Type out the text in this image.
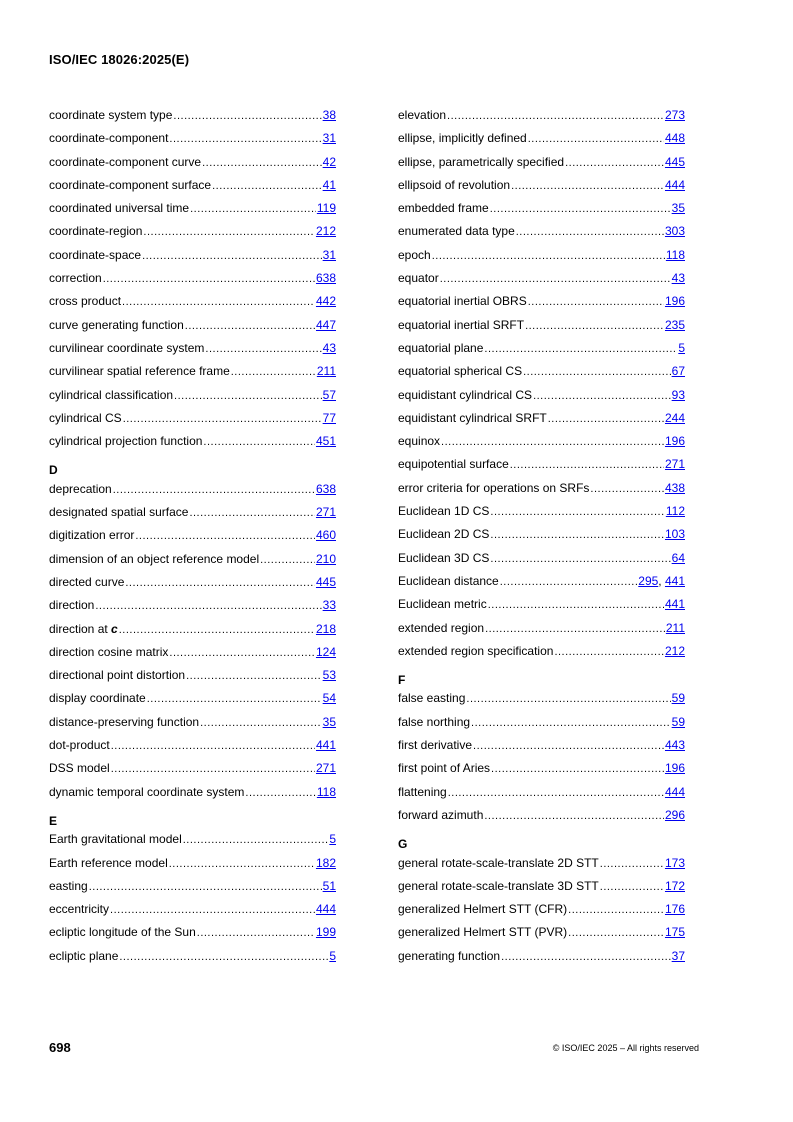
ISO/IEC 18026:2025(E)
coordinate system type .....	38
coordinate-component .....	31
coordinate-component curve .....	42
coordinate-component surface .....	41
coordinated universal time .....	119
coordinate-region .....	212
coordinate-space .....	31
correction .....	638
cross product .....	442
curve generating function .....	447
curvilinear coordinate system .....	43
curvilinear spatial reference frame .....	211
cylindrical classification .....	57
cylindrical CS .....	77
cylindrical projection function .....	451
D
deprecation .....	638
designated spatial surface .....	271
digitization error .....	460
dimension of an object reference model .....	210
directed curve .....	445
direction .....	33
direction at c .....	218
direction cosine matrix .....	124
directional point distortion .....	53
display coordinate .....	54
distance-preserving function .....	35
dot-product .....	441
DSS model .....	271
dynamic temporal coordinate system .....	118
E
Earth gravitational model .....	5
Earth reference model .....	182
easting .....	51
eccentricity .....	444
ecliptic longitude of the Sun .....	199
ecliptic plane .....	5
elevation .....	273
ellipse, implicitly defined .....	448
ellipse, parametrically specified .....	445
ellipsoid of revolution .....	444
embedded frame .....	35
enumerated data type .....	303
epoch .....	118
equator .....	43
equatorial inertial OBRS .....	196
equatorial inertial SRFT .....	235
equatorial plane .....	5
equatorial spherical CS .....	67
equidistant cylindrical CS .....	93
equidistant cylindrical SRFT .....	244
equinox .....	196
equipotential surface .....	271
error criteria for operations on SRFs .....	438
Euclidean 1D CS .....	112
Euclidean 2D CS .....	103
Euclidean 3D CS .....	64
Euclidean distance .....	295, 441
Euclidean metric .....	441
extended region .....	211
extended region specification .....	212
F
false easting .....	59
false northing .....	59
first derivative .....	443
first point of Aries .....	196
flattening .....	444
forward azimuth .....	296
G
general rotate-scale-translate 2D STT .....	173
general rotate-scale-translate 3D STT .....	172
generalized Helmert STT (CFR) .....	176
generalized Helmert STT (PVR) .....	175
generating function .....	37
698	© ISO/IEC 2025 – All rights reserved
